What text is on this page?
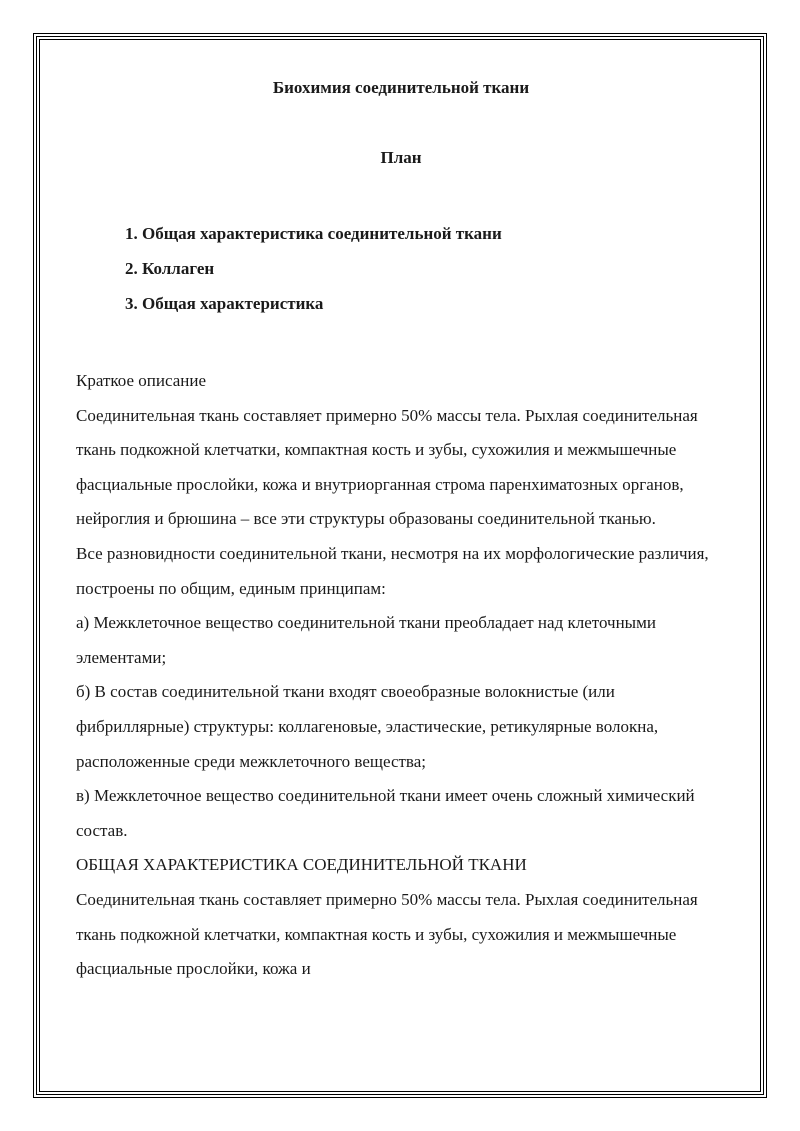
Биохимия соединительной ткани
План
1. Общая характеристика соединительной ткани
2. Коллаген
3. Общая характеристика

Краткое описание

Соединительная ткань составляет примерно 50% массы тела. Рыхлая соединительная ткань подкожной клетчатки, компактная кость и зубы, сухожилия и межмышечные фасциальные прослойки, кожа и внутриорганная строма паренхиматозных органов, нейроглия и брюшина – все эти структуры образованы соединительной тканью.

Все разновидности соединительной ткани, несмотря на их морфологические различия, построены по общим, единым принципам:

а) Межклеточное вещество соединительной ткани преобладает над клеточными элементами;

б) В состав соединительной ткани входят своеобразные волокнистые (или фибриллярные) структуры: коллагеновые, эластические, ретикулярные волокна, расположенные среди межклеточного вещества;

в) Межклеточное вещество соединительной ткани имеет очень сложный химический состав.

ОБЩАЯ ХАРАКТЕРИСТИКА СОЕДИНИТЕЛЬНОЙ ТКАНИ

Соединительная ткань составляет примерно 50% массы тела. Рыхлая соединительная ткань подкожной клетчатки, компактная кость и зубы, сухожилия и межмышечные фасциальные прослойки, кожа и
